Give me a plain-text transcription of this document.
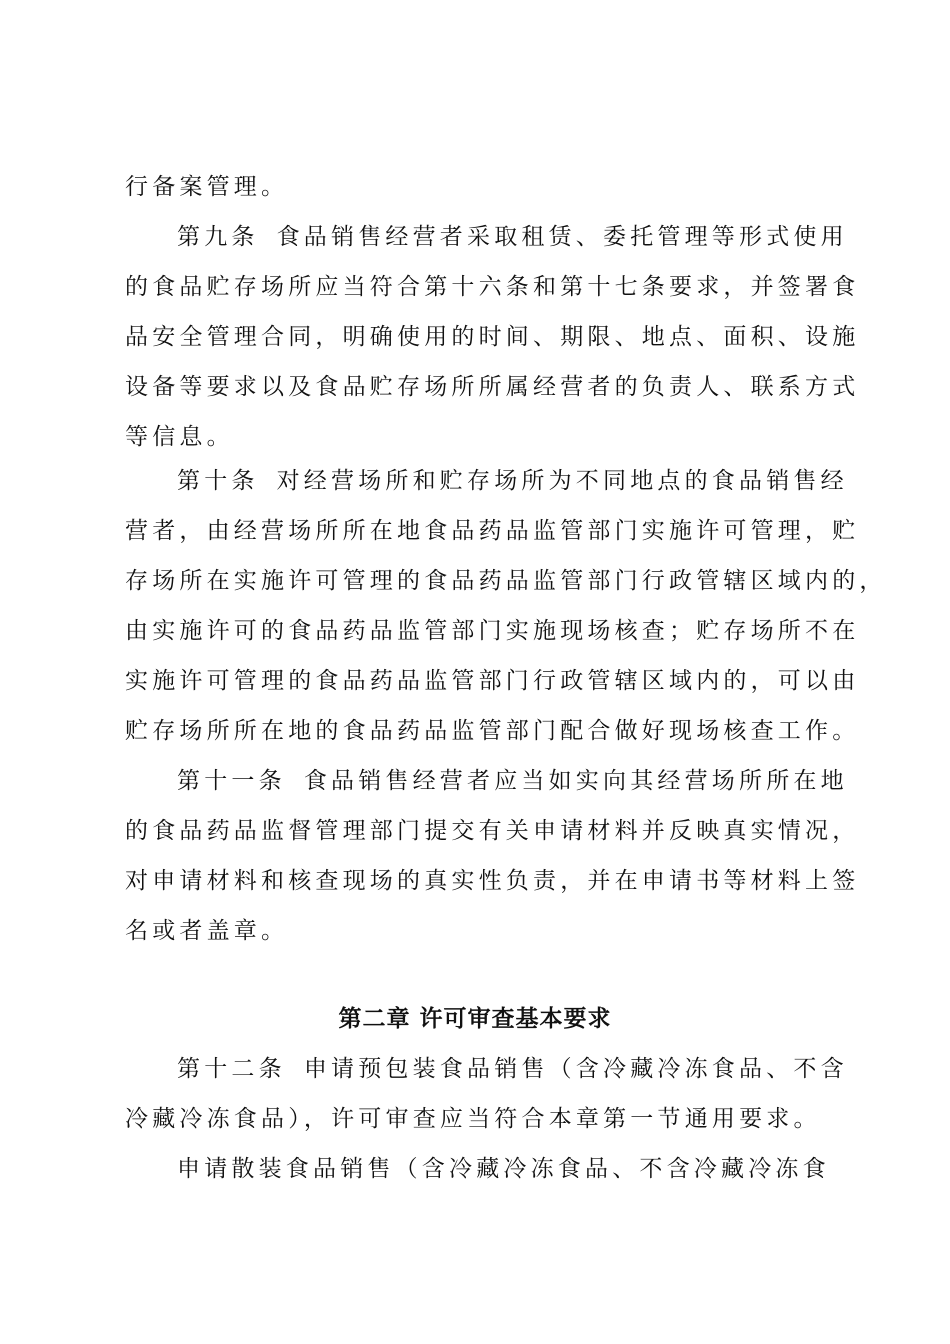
行备案管理。
第九条 食品销售经营者采取租赁、委托管理等形式使用
的食品贮存场所应当符合第十六条和第十七条要求，并签署食
品安全管理合同，明确使用的时间、期限、地点、面积、设施
设备等要求以及食品贮存场所所属经营者的负责人、联系方式
等信息。
第十条 对经营场所和贮存场所为不同地点的食品销售经
营者，由经营场所所在地食品药品监管部门实施许可管理，贮
存场所在实施许可管理的食品药品监管部门行政管辖区域内的，
由实施许可的食品药品监管部门实施现场核查；贮存场所不在
实施许可管理的食品药品监管部门行政管辖区域内的，可以由
贮存场所所在地的食品药品监管部门配合做好现场核查工作。
第十一条 食品销售经营者应当如实向其经营场所所在地
的食品药品监督管理部门提交有关申请材料并反映真实情况，
对申请材料和核查现场的真实性负责，并在申请书等材料上签
名或者盖章。
第二章 许可审查基本要求
第十二条 申请预包装食品销售（含冷藏冷冻食品、不含
冷藏冷冻食品），许可审查应当符合本章第一节通用要求。
申请散装食品销售（含冷藏冷冻食品、不含冷藏冷冻食
